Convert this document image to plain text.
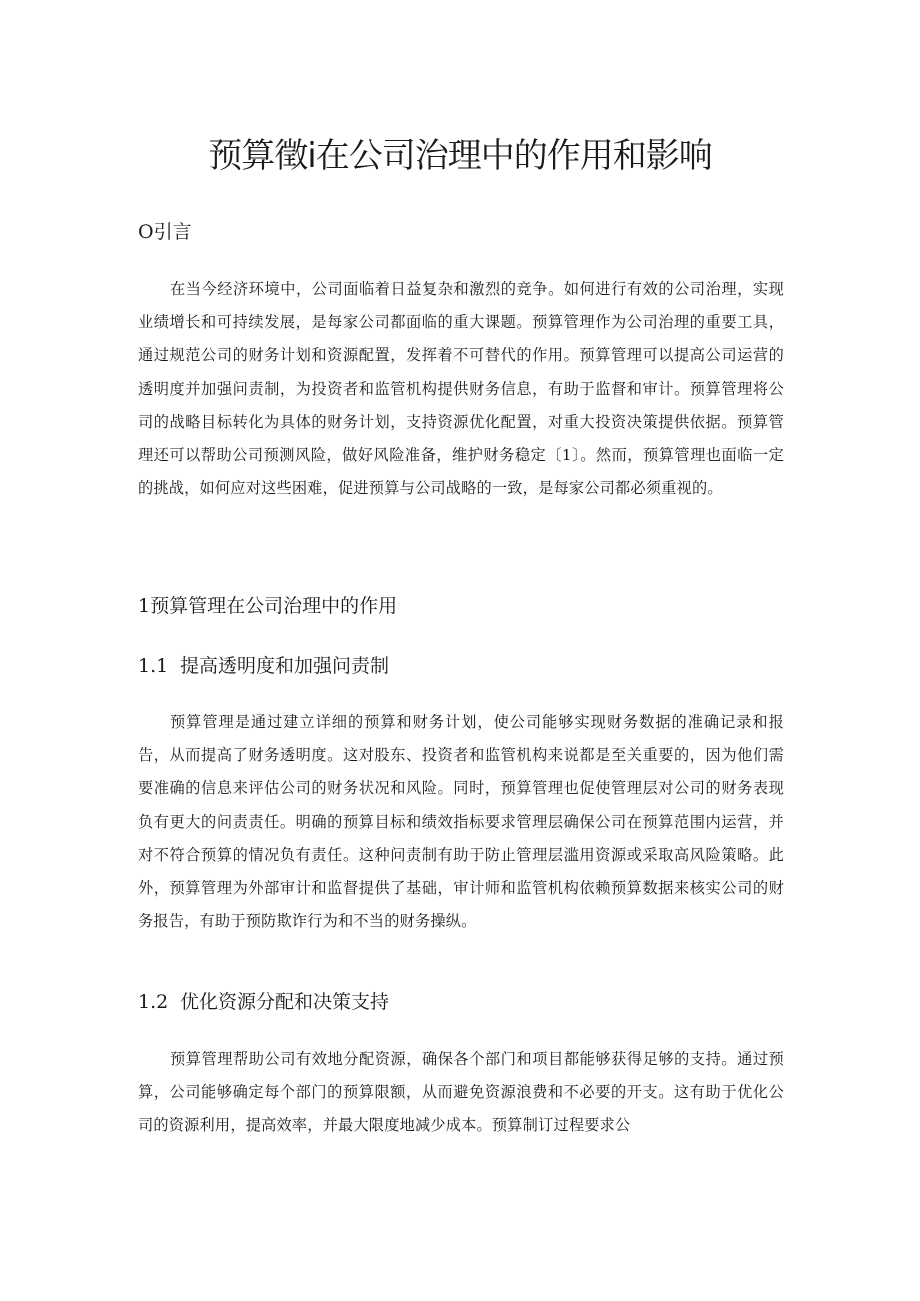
预算徵i在公司治理中的作用和影响
O引言

在当今经济环境中，公司面临着日益复杂和激烈的竞争。如何进行有效的公司治理，实现业绩增长和可持续发展，是每家公司都面临的重大课题。预算管理作为公司治理的重要工具，通过规范公司的财务计划和资源配置，发挥着不可替代的作用。预算管理可以提高公司运营的透明度并加强问责制，为投资者和监管机构提供财务信息，有助于监督和审计。预算管理将公司的战略目标转化为具体的财务计划，支持资源优化配置，对重大投资决策提供依据。预算管理还可以帮助公司预测风险，做好风险准备，维护财务稳定〔1〕。然而，预算管理也面临一定的挑战，如何应对这些困难，促进预算与公司战略的一致，是每家公司都必须重视的。

1预算管理在公司治理中的作用
1.1 提高透明度和加强问责制

预算管理是通过建立详细的预算和财务计划，使公司能够实现财务数据的准确记录和报告，从而提高了财务透明度。这对股东、投资者和监管机构来说都是至关重要的，因为他们需要准确的信息来评估公司的财务状况和风险。同时，预算管理也促使管理层对公司的财务表现负有更大的问责责任。明确的预算目标和绩效指标要求管理层确保公司在预算范围内运营，并对不符合预算的情况负有责任。这种问责制有助于防止管理层滥用资源或采取高风险策略。此外，预算管理为外部审计和监督提供了基础，审计师和监管机构依赖预算数据来核实公司的财务报告，有助于预防欺诈行为和不当的财务操纵。

1.2 优化资源分配和决策支持

预算管理帮助公司有效地分配资源，确保各个部门和项目都能够获得足够的支持。通过预算，公司能够确定每个部门的预算限额，从而避免资源浪费和不必要的开支。这有助于优化公司的资源利用，提高效率，并最大限度地减少成本。预算制订过程要求公
